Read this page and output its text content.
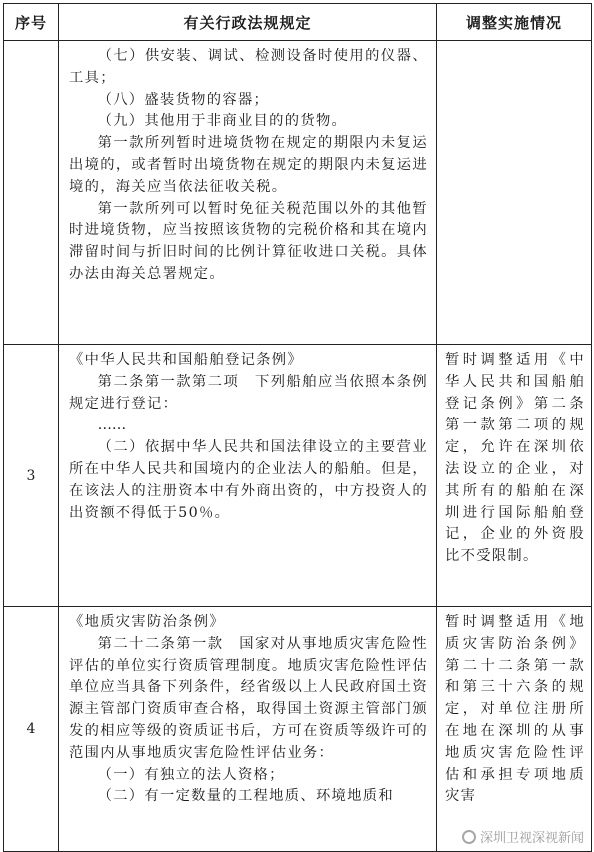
序号	有关行政法规规定	调整实施情况

	（七）供安装、调试、检测设备时使用的仪器、工具；

（八）盛装货物的容器；

（九）其他用于非商业目的的货物。

第一款所列暂时进境货物在规定的期限内未复运出境的，或者暂时出境货物在规定的期限内未复运进境的，海关应当依法征收关税。

第一款所列可以暂时免征关税范围以外的其他暂时进境货物，应当按照该货物的完税价格和其在境内滞留时间与折旧时间的比例计算征收进口关税。具体办法由海关总署规定。	

3	《中华人民共和国船舶登记条例》

第二条第一款第二项　下列船舶应当依照本条例规定进行登记：

……

（二）依据中华人民共和国法律设立的主要营业所在中华人民共和国境内的企业法人的船舶。但是，在该法人的注册资本中有外商出资的，中方投资人的出资额不得低于50％。	暂时调整适用《中华人民共和国船舶登记条例》第二条第一款第二项的规定，允许在深圳依法设立的企业，对其所有的船舶在深圳进行国际船舶登记，企业的外资股比不受限制。

4	《地质灾害防治条例》

第二十二条第一款　国家对从事地质灾害危险性评估的单位实行资质管理制度。地质灾害危险性评估单位应当具备下列条件，经省级以上人民政府国土资源主管部门资质审查合格，取得国土资源主管部门颁发的相应等级的资质证书后，方可在资质等级许可的范围内从事地质灾害危险性评估业务：

（一）有独立的法人资格；

（二）有一定数量的工程地质、环境地质和	暂时调整适用《地质灾害防治条例》第二十二条第一款和第三十六条的规定，对单位注册所在地在深圳的从事地质灾害危险性评估和承担专项地质灾害

深圳卫视深视新闻
